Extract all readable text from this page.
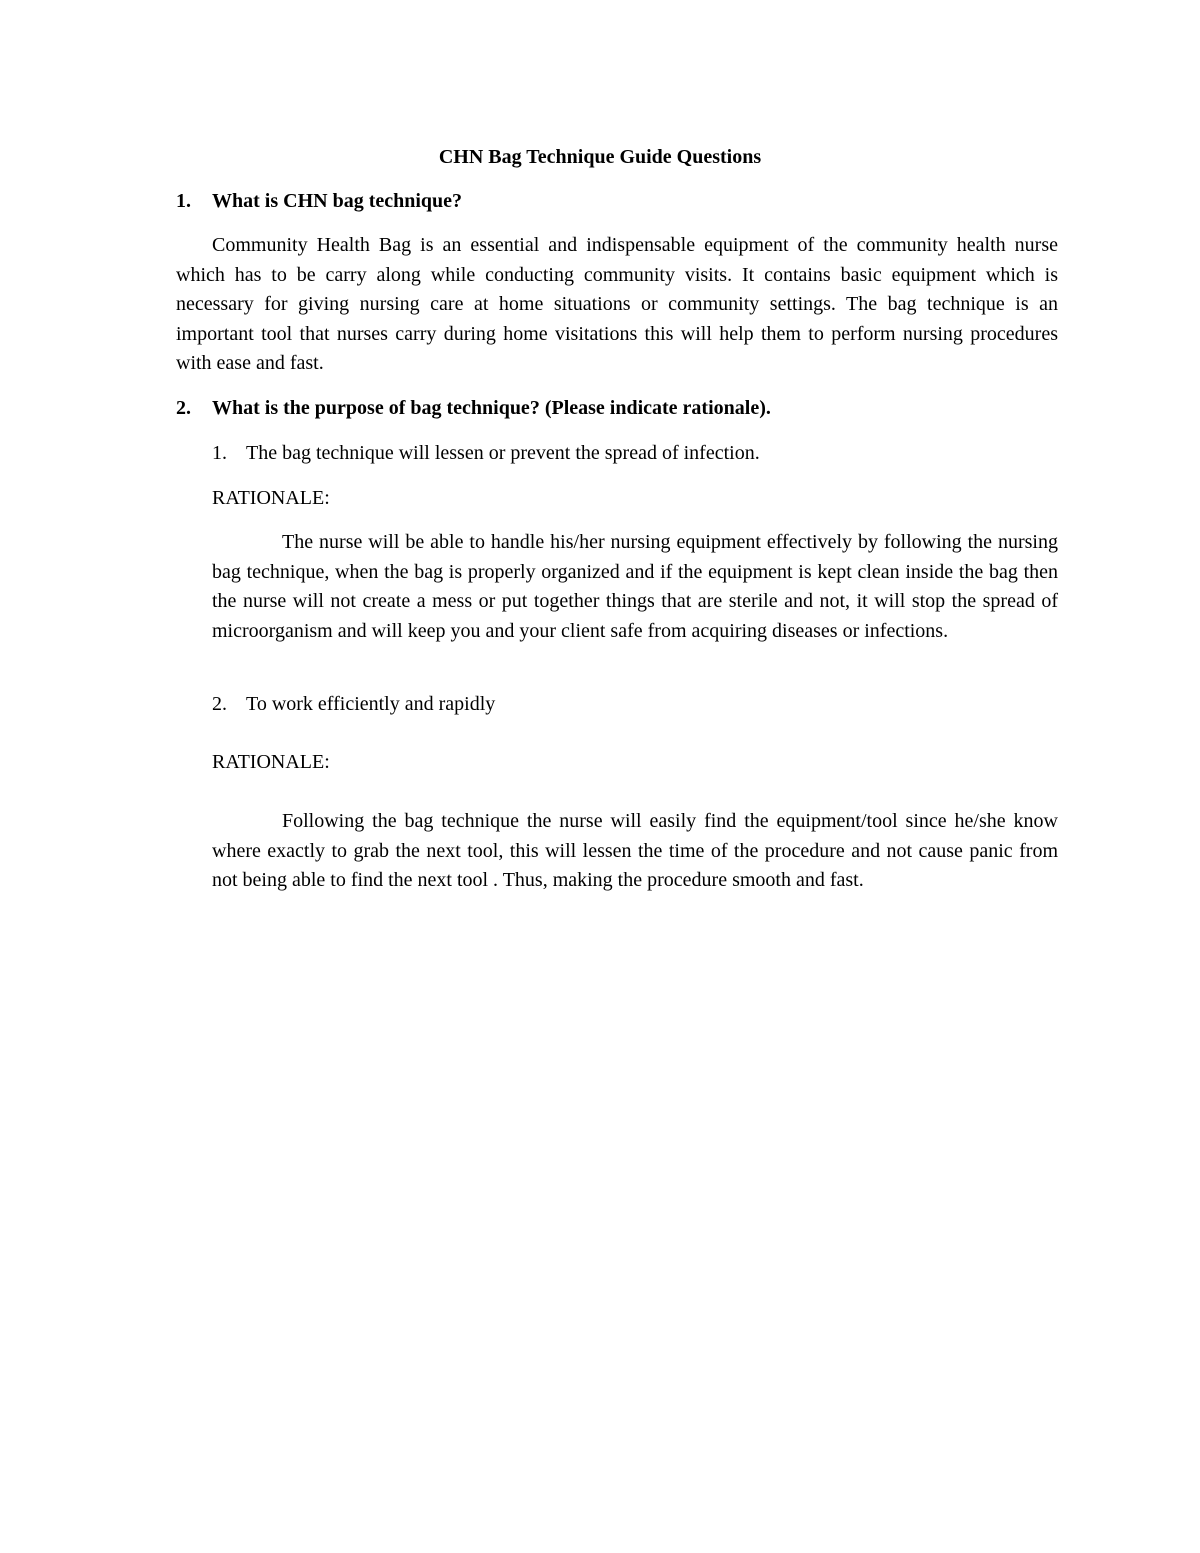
CHN Bag Technique Guide Questions
1. What is CHN bag technique?
Community Health Bag is an essential and indispensable equipment of the community health nurse which has to be carry along while conducting community visits. It contains basic equipment which is necessary for giving nursing care at home situations or community settings. The bag technique is an important tool that nurses carry during home visitations this will help them to perform nursing procedures with ease and fast.
2. What is the purpose of bag technique? (Please indicate rationale).
1. The bag technique will lessen or prevent the spread of infection.
RATIONALE:
The nurse will be able to handle his/her nursing equipment effectively by following the nursing bag technique, when the bag is properly organized and if the equipment is kept clean inside the bag then the nurse will not create a mess or put together things that are sterile and not, it will stop the spread of microorganism and will keep you and your client safe from acquiring diseases or infections.
2. To work efficiently and rapidly
RATIONALE:
Following the bag technique the nurse will easily find the equipment/tool since he/she know where exactly to grab the next tool, this will lessen the time of the procedure and not cause panic from not being able to find the next tool . Thus, making the procedure smooth and fast.
